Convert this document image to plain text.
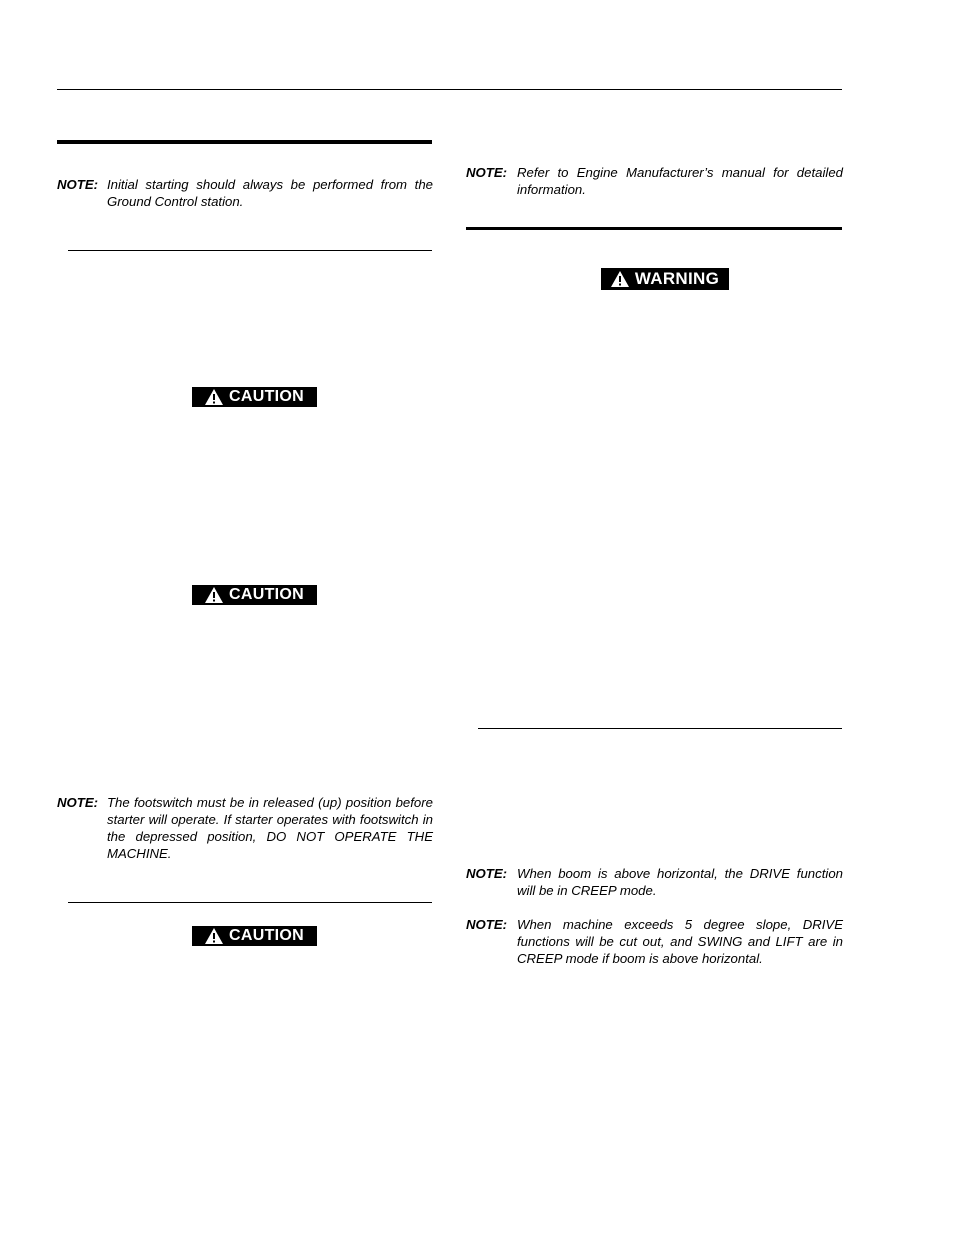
NOTE: Initial starting should always be performed from the Ground Control station.
CAUTION
CAUTION
NOTE: The footswitch must be in released (up) position before starter will operate. If starter operates with footswitch in the depressed position, DO NOT OPERATE THE MACHINE.
CAUTION
NOTE: Refer to Engine Manufacturer’s manual for detailed information.
WARNING
NOTE: When boom is above horizontal, the DRIVE function will be in CREEP mode.
NOTE: When machine exceeds 5 degree slope, DRIVE functions will be cut out, and SWING and LIFT are in CREEP mode if boom is above horizontal.
